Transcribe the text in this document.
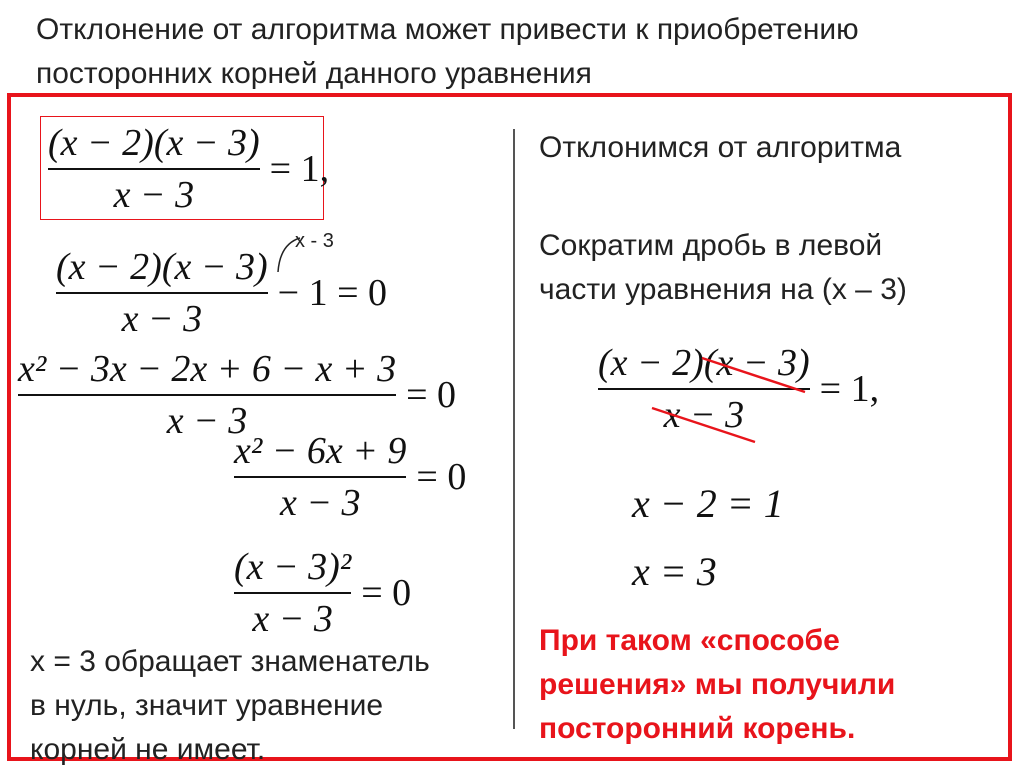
Отклонение от алгоритма может привести к приобретению
посторонних корней данного уравнения
$\frac{(x - 2)(x - 3)}{x - 3} = 1$,
x - 3
$\frac{(x - 2)(x - 3)}{x - 3} - 1 = 0$
$\frac{\text{x² − 3x − 2x + 6 − x + 3}}{x - 3} = 0$
$\frac{\text{x² − 6x + 9}}{x - 3} = 0$
$\frac{\text{(x − 3)²}}{x - 3} = 0$
x = 3 обращает знаменатель
в нуль, значит уравнение
корней не имеет.
Отклонимся от алгоритма
Сократим дробь в левой
части уравнения на (x – 3)
$\frac{(x - 2)(x - 3)}{x - 3} = 1$,
x − 2 = 1
x = 3
При таком «способе
решения» мы получили
посторонний корень.
